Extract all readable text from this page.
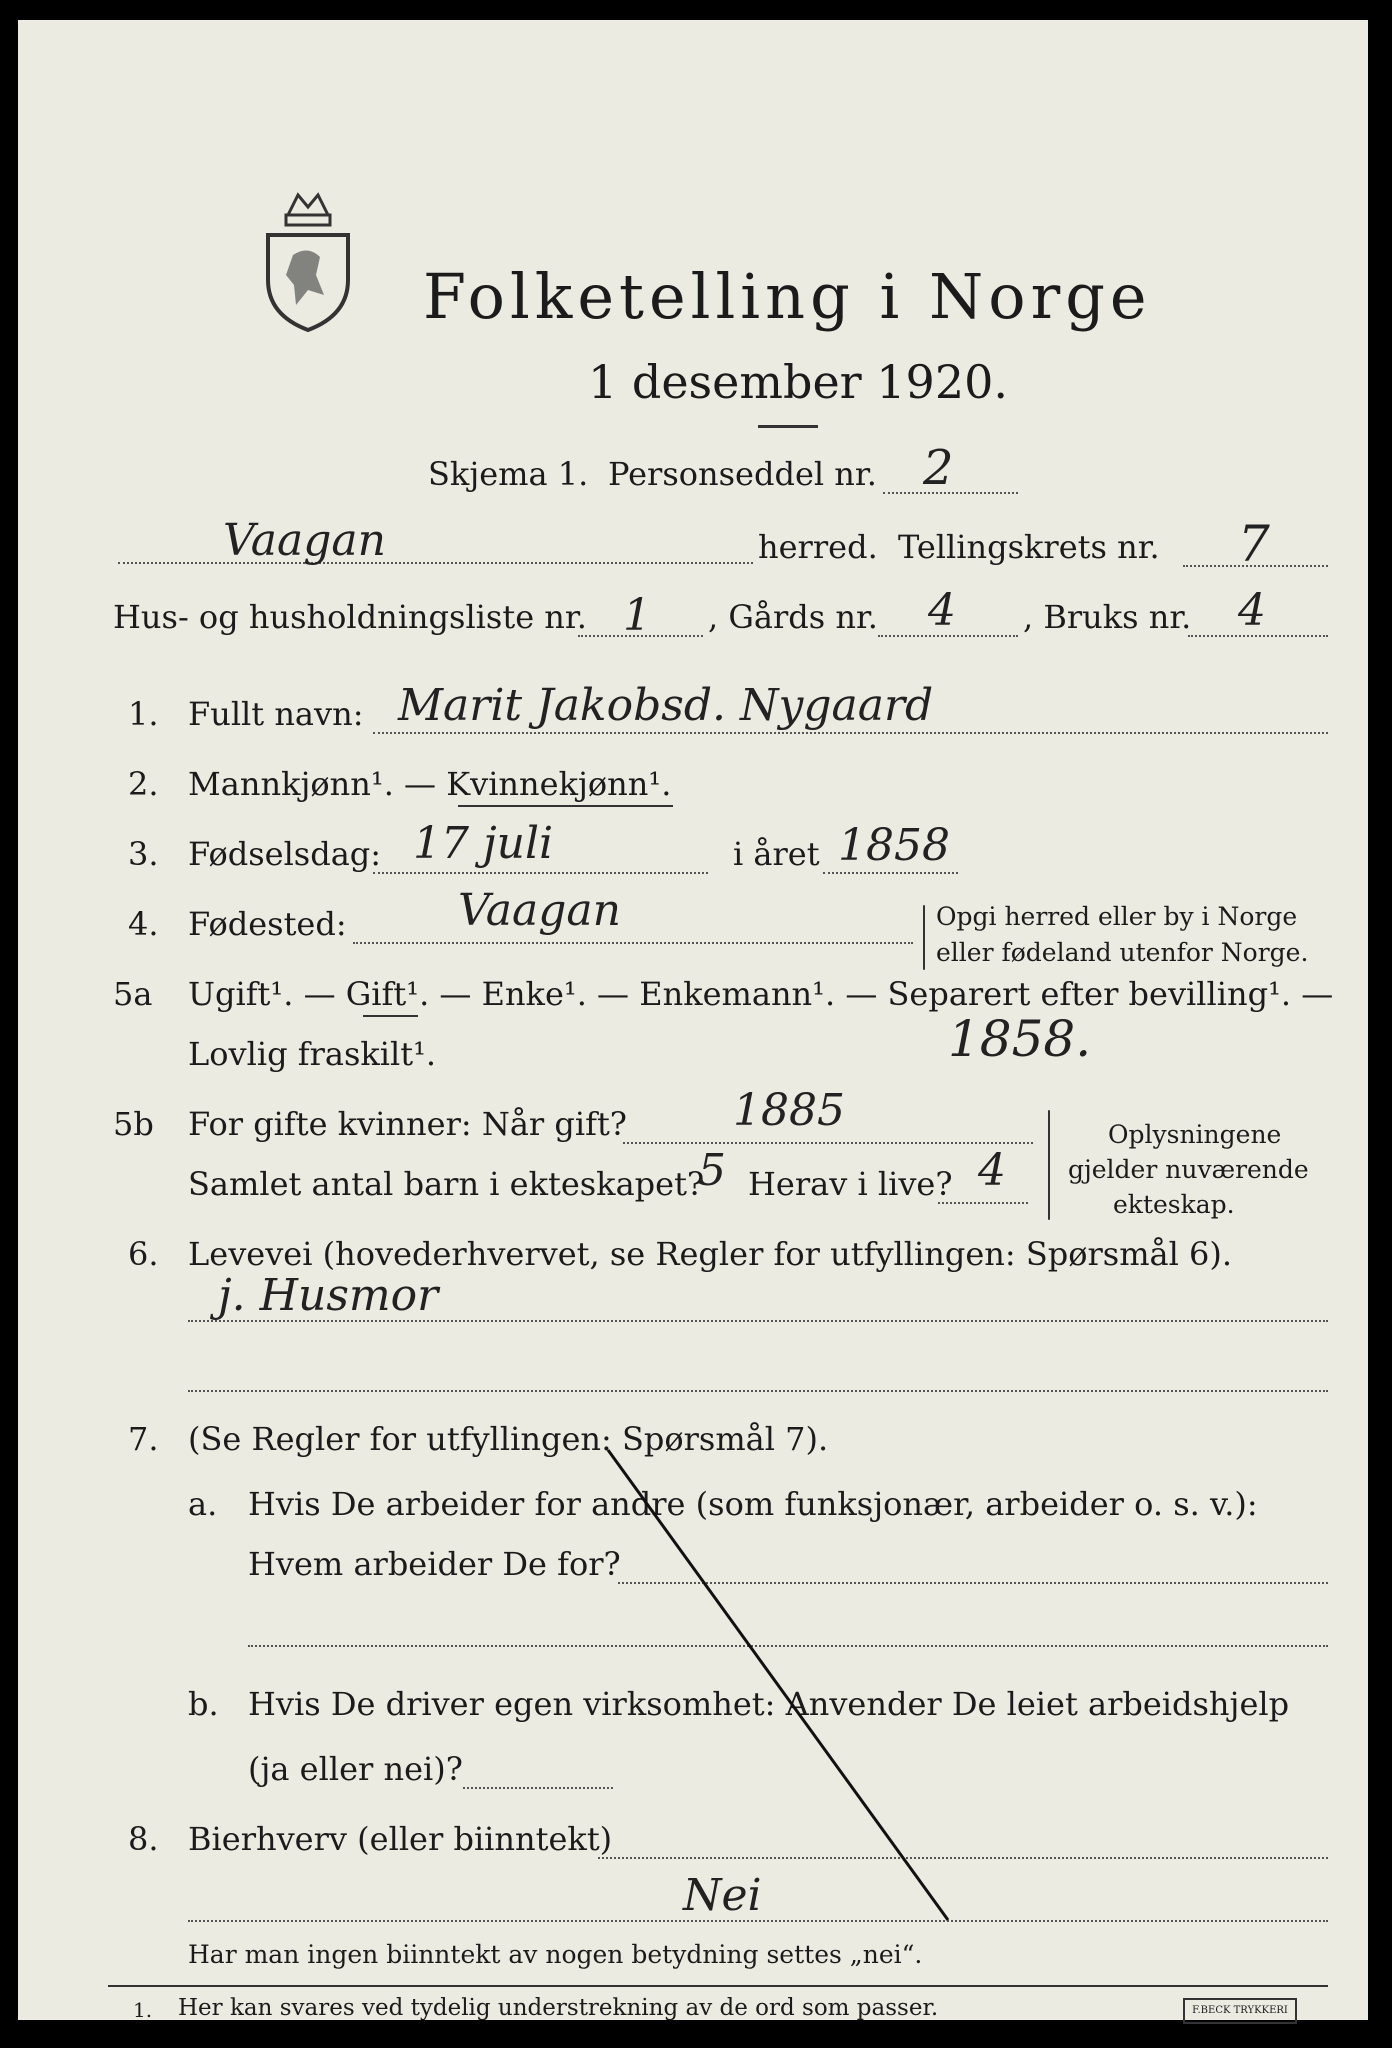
Folketelling i Norge
1 desember 1920.
Skjema 1. Personseddel nr. 2
Vaagan	herred. Tellingskrets nr. 7
Hus- og husholdningsliste nr. 1 , Gårds nr. 4 , Bruks nr. 4
1. Fullt navn: Marit Jakobsd. Nygaard
2. Mannkjønn¹. — Kvinnekjønn¹.
3. Fødselsdag: 17 juli	i året 1858
4. Fødested:	Vaagan	Opgi herred eller by i Norge
eller fødeland utenfor Norge.
5a Ugift¹. — Gift¹. — Enke¹. — Enkemann¹. — Separert efter bevilling¹. —
Lovlig fraskilt¹.	1858.
5b For gifte kvinner: Når gift? 1885
Samlet antal barn i ekteskapet?
5 Herav i live? 4
Oplysningene
gjelder nuværende
ekteskap.
6. Levevei (hovederhvervet, se Regler for utfyllingen: Spørsmål 6).
j. Husmor
7. (Se Regler for utfyllingen: Spørsmål 7).
a. Hvis De arbeider for andre (som funksjonær, arbeider o. s. v.):
Hvem arbeider De for?
b. Hvis De driver egen virksomhet: Anvender De leiet arbeidshjelp
(ja eller nei)?
8. Bierhverv (eller biinntekt)
Nei
Har man ingen biinntekt av nogen betydning settes „nei“.
1. Her kan svares ved tydelig understrekning av de ord som passer.	F.BECK TRYKKERI
